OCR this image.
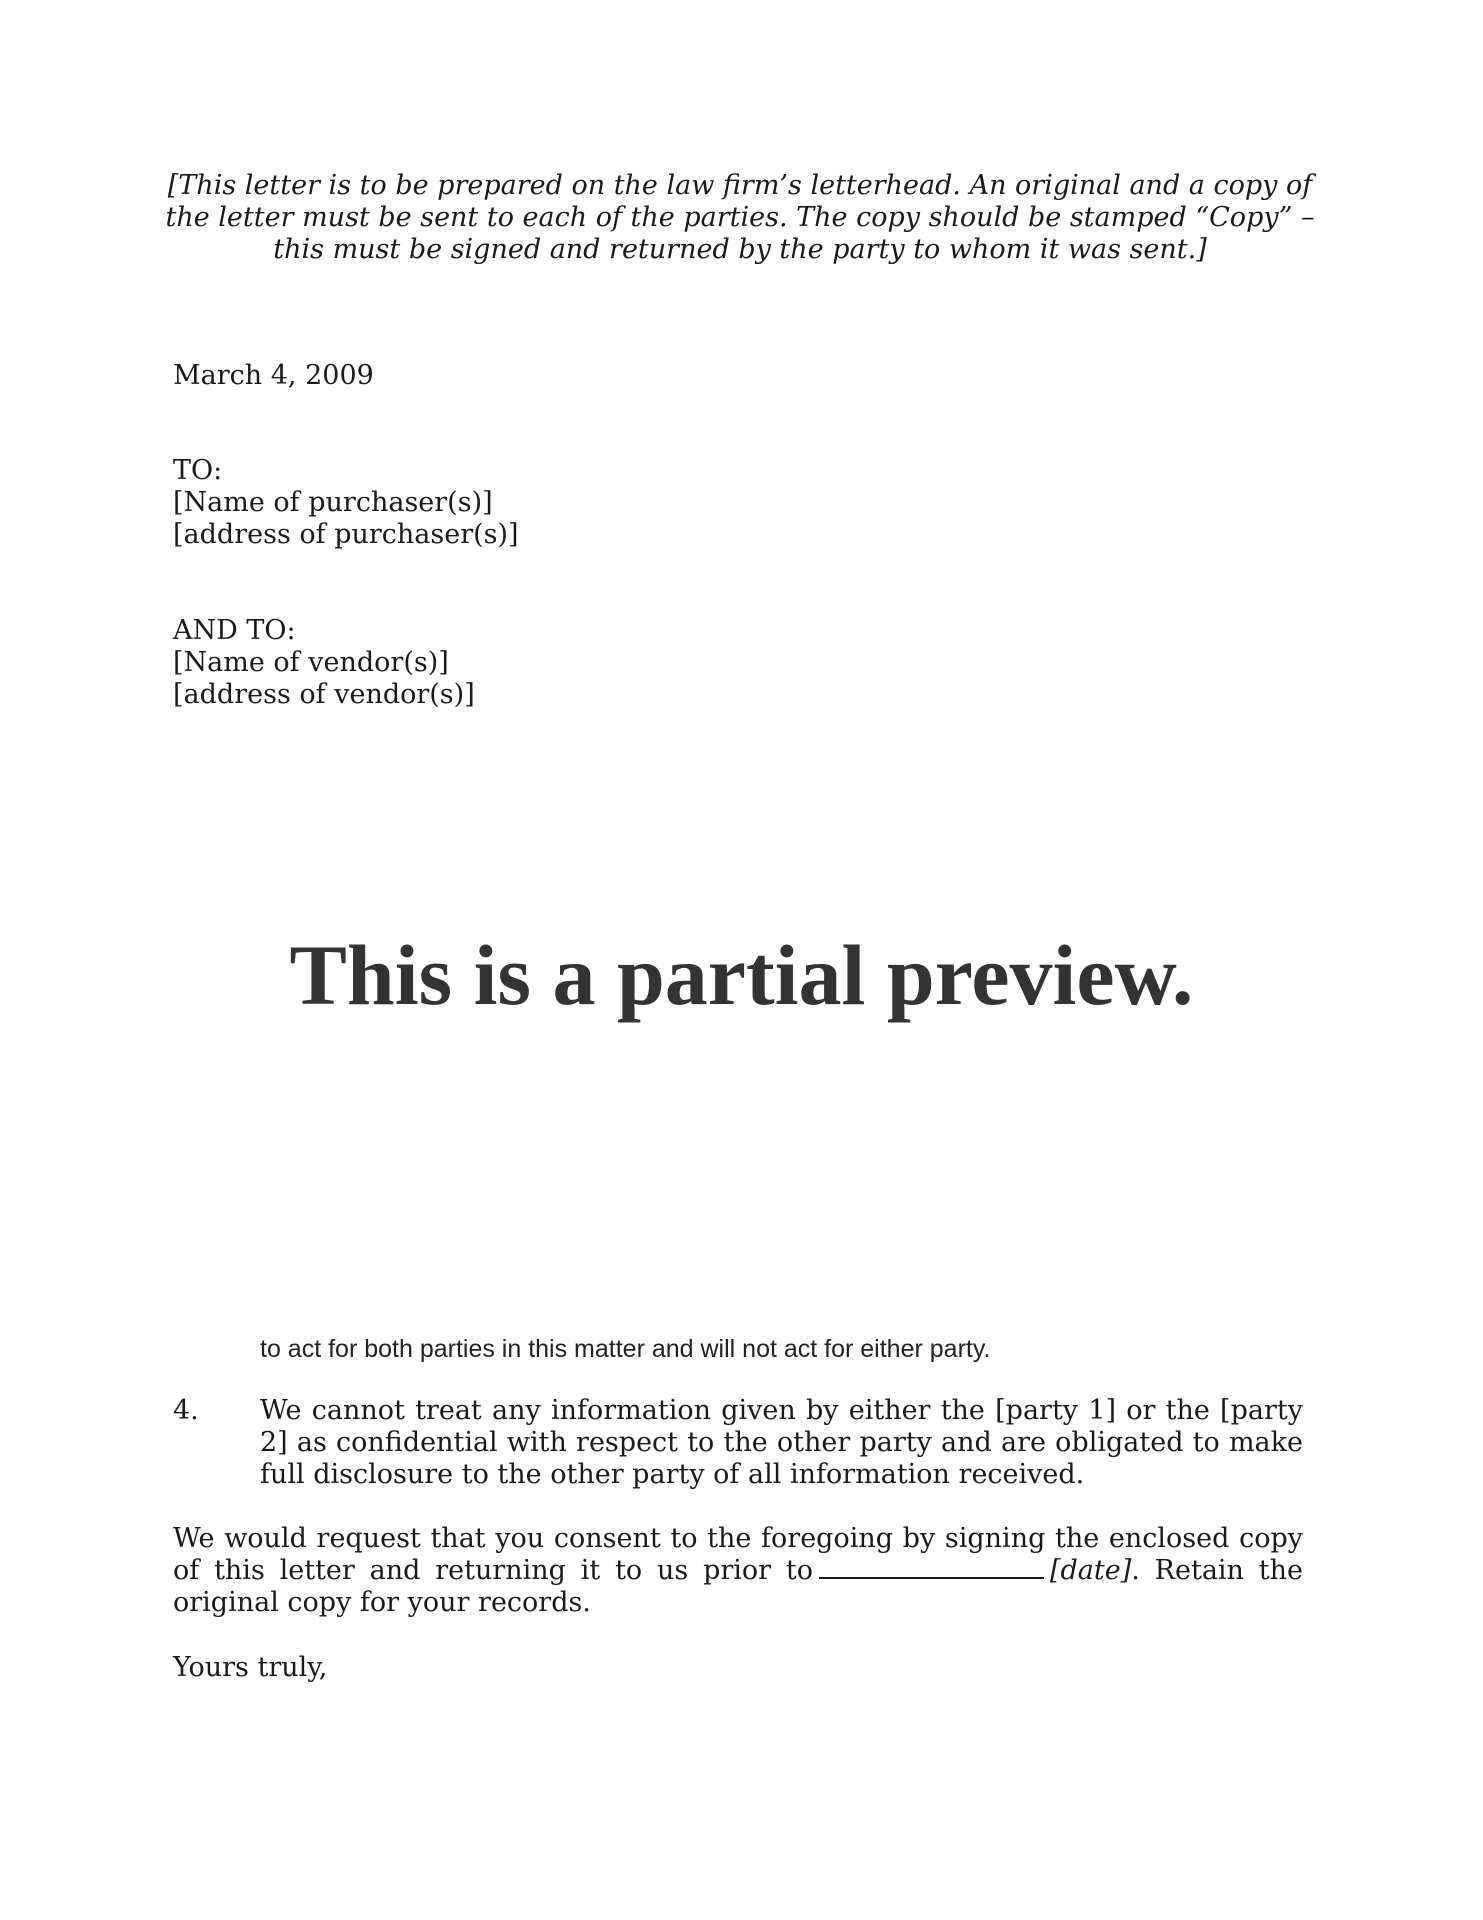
[This letter is to be prepared on the law firm’s letterhead. An original and a copy of the letter must be sent to each of the parties. The copy should be stamped “Copy” – this must be signed and returned by the party to whom it was sent.]
March 4, 2009
TO:
[Name of purchaser(s)]
[address of purchaser(s)]
AND TO:
[Name of vendor(s)]
[address of vendor(s)]
This is a partial preview.
to act for both parties in this matter and will not act for either party.
4. We cannot treat any information given by either the [party 1] or the [party 2] as confidential with respect to the other party and are obligated to make full disclosure to the other party of all information received.
We would request that you consent to the foregoing by signing the enclosed copy of this letter and returning it to us prior to	[date]. Retain the original copy for your records.
Yours truly,
